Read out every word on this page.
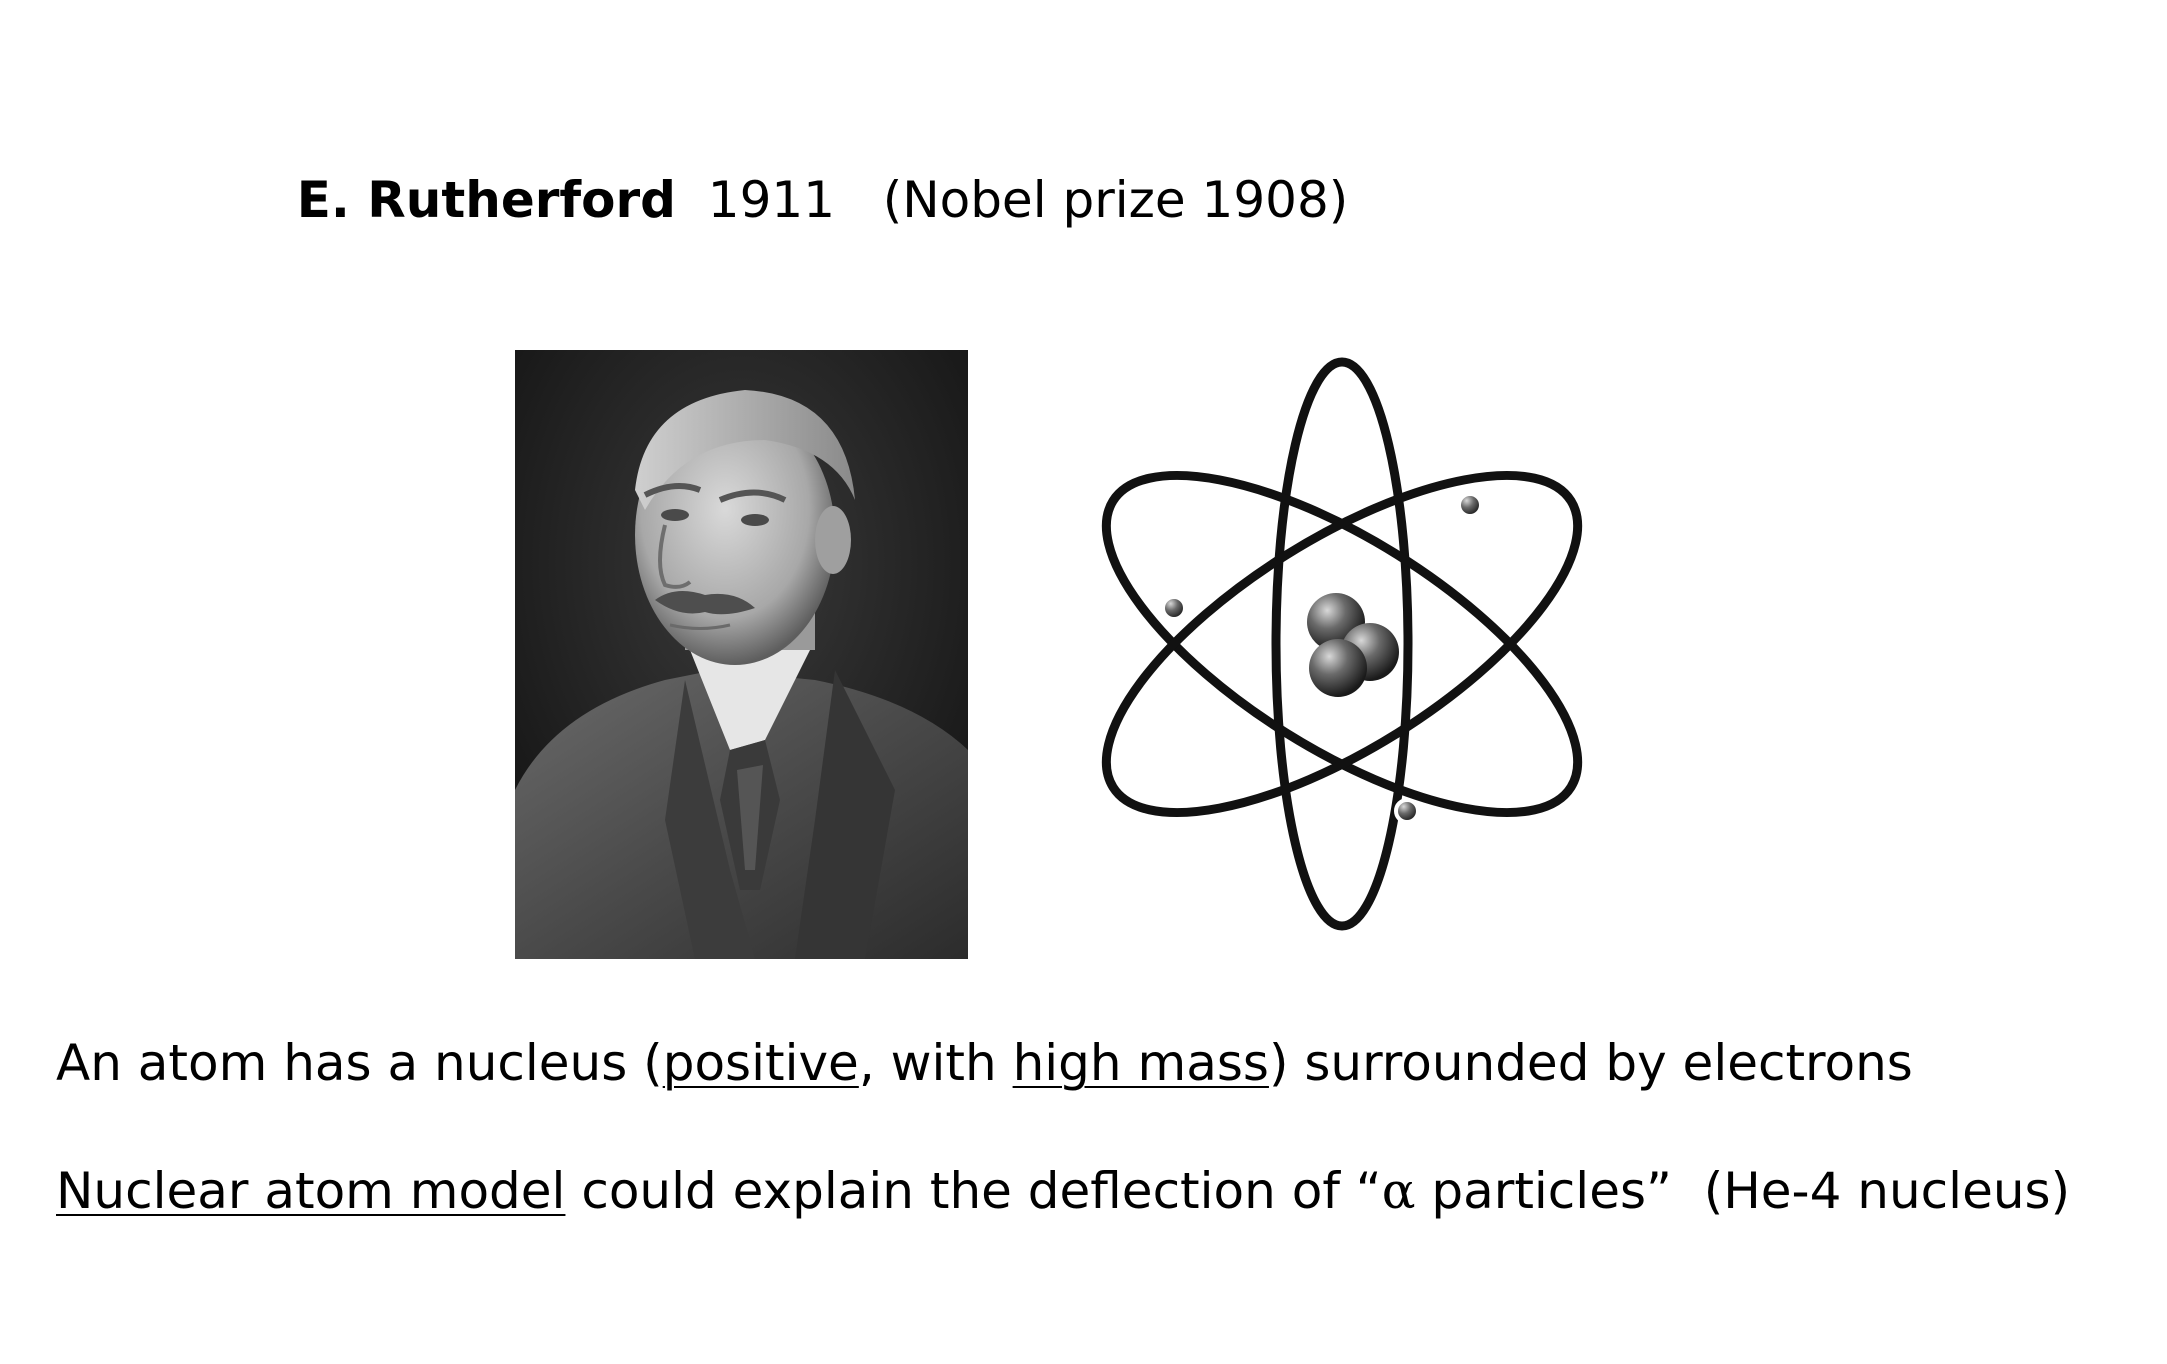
E. Rutherford  1911   (Nobel prize 1908)
An atom has a nucleus (positive, with high mass) surrounded by electrons
Nuclear atom model could explain the deflection of “α particles”  (He-4 nucleus)
